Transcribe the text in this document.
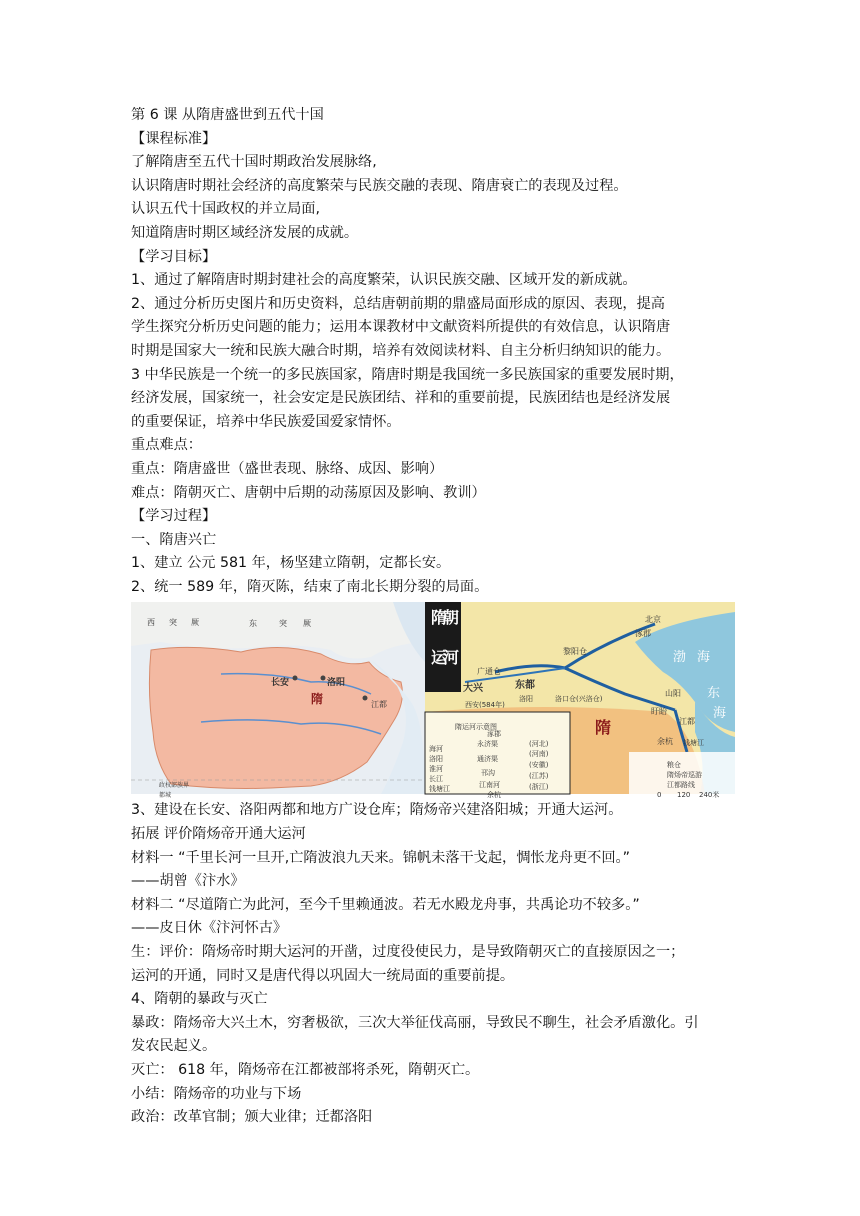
第 6 课 从隋唐盛世到五代十国
【课程标准】
了解隋唐至五代十国时期政治发展脉络,
认识隋唐时期社会经济的高度繁荣与民族交融的表现、隋唐衰亡的表现及过程。
认识五代十国政权的并立局面,
知道隋唐时期区域经济发展的成就。
【学习目标】
1、通过了解隋唐时期封建社会的高度繁荣，认识民族交融、区域开发的新成就。
2、通过分析历史图片和历史资料，总结唐朝前期的鼎盛局面形成的原因、表现，提高
学生探究分析历史问题的能力；运用本课教材中文献资料所提供的有效信息，认识隋唐
时期是国家大一统和民族大融合时期，培养有效阅读材料、自主分析归纳知识的能力。
3 中华民族是一个统一的多民族国家，隋唐时期是我国统一多民族国家的重要发展时期，
经济发展，国家统一，社会安定是民族团结、祥和的重要前提，民族团结也是经济发展
的重要保证，培养中华民族爱国爱家情怀。
重点难点：
重点：隋唐盛世（盛世表现、脉络、成因、影响）
难点：隋朝灭亡、唐朝中后期的动荡原因及影响、教训）
【学习过程】
一、隋唐兴亡
1、建立 公元 581 年，杨坚建立隋朝，定都长安。
2、统一 589 年，隋灭陈，结束了南北长期分裂的局面。
西 突 厥	东	突 厥
长安	洛阳
隋	江都
政权部族界
都城
隋
朝
运
河
北京
涿郡
渤 海
东
海
黎阳仓
广通仓
大兴	东都
西安(584年)
洛阳	洛口仓(兴洛仓)
山阳
盱眙
江都
余杭 钱塘江
隋
隋运河示意图
海河
洛阳
淮河
长江
钱塘江
永济渠
通济渠
邗沟
江南河
(河北)
(河南)
(安徽)
(江苏)
(浙江)
涿郡
余杭
粮仓
隋炀帝巡游
江都路线
0 120 240米
3、建设在长安、洛阳两都和地方广设仓库；隋炀帝兴建洛阳城；开通大运河。
拓展 评价隋炀帝开通大运河
材料一 “千里长河一旦开,亡隋波浪九天来。锦帆未落干戈起，惆怅龙舟更不回。”
——胡曾《汴水》
材料二 “尽道隋亡为此河，至今千里赖通波。若无水殿龙舟事，共禹论功不较多。”
——皮日休《汴河怀古》
生：评价：隋炀帝时期大运河的开凿，过度役使民力，是导致隋朝灭亡的直接原因之一；
运河的开通，同时又是唐代得以巩固大一统局面的重要前提。
4、隋朝的暴政与灭亡
暴政：隋炀帝大兴土木，穷奢极欲，三次大举征伐高丽，导致民不聊生，社会矛盾激化。引
发农民起义。
灭亡： 618 年，隋炀帝在江都被部将杀死，隋朝灭亡。
小结：隋炀帝的功业与下场
政治：改革官制；颁大业律；迁都洛阳
